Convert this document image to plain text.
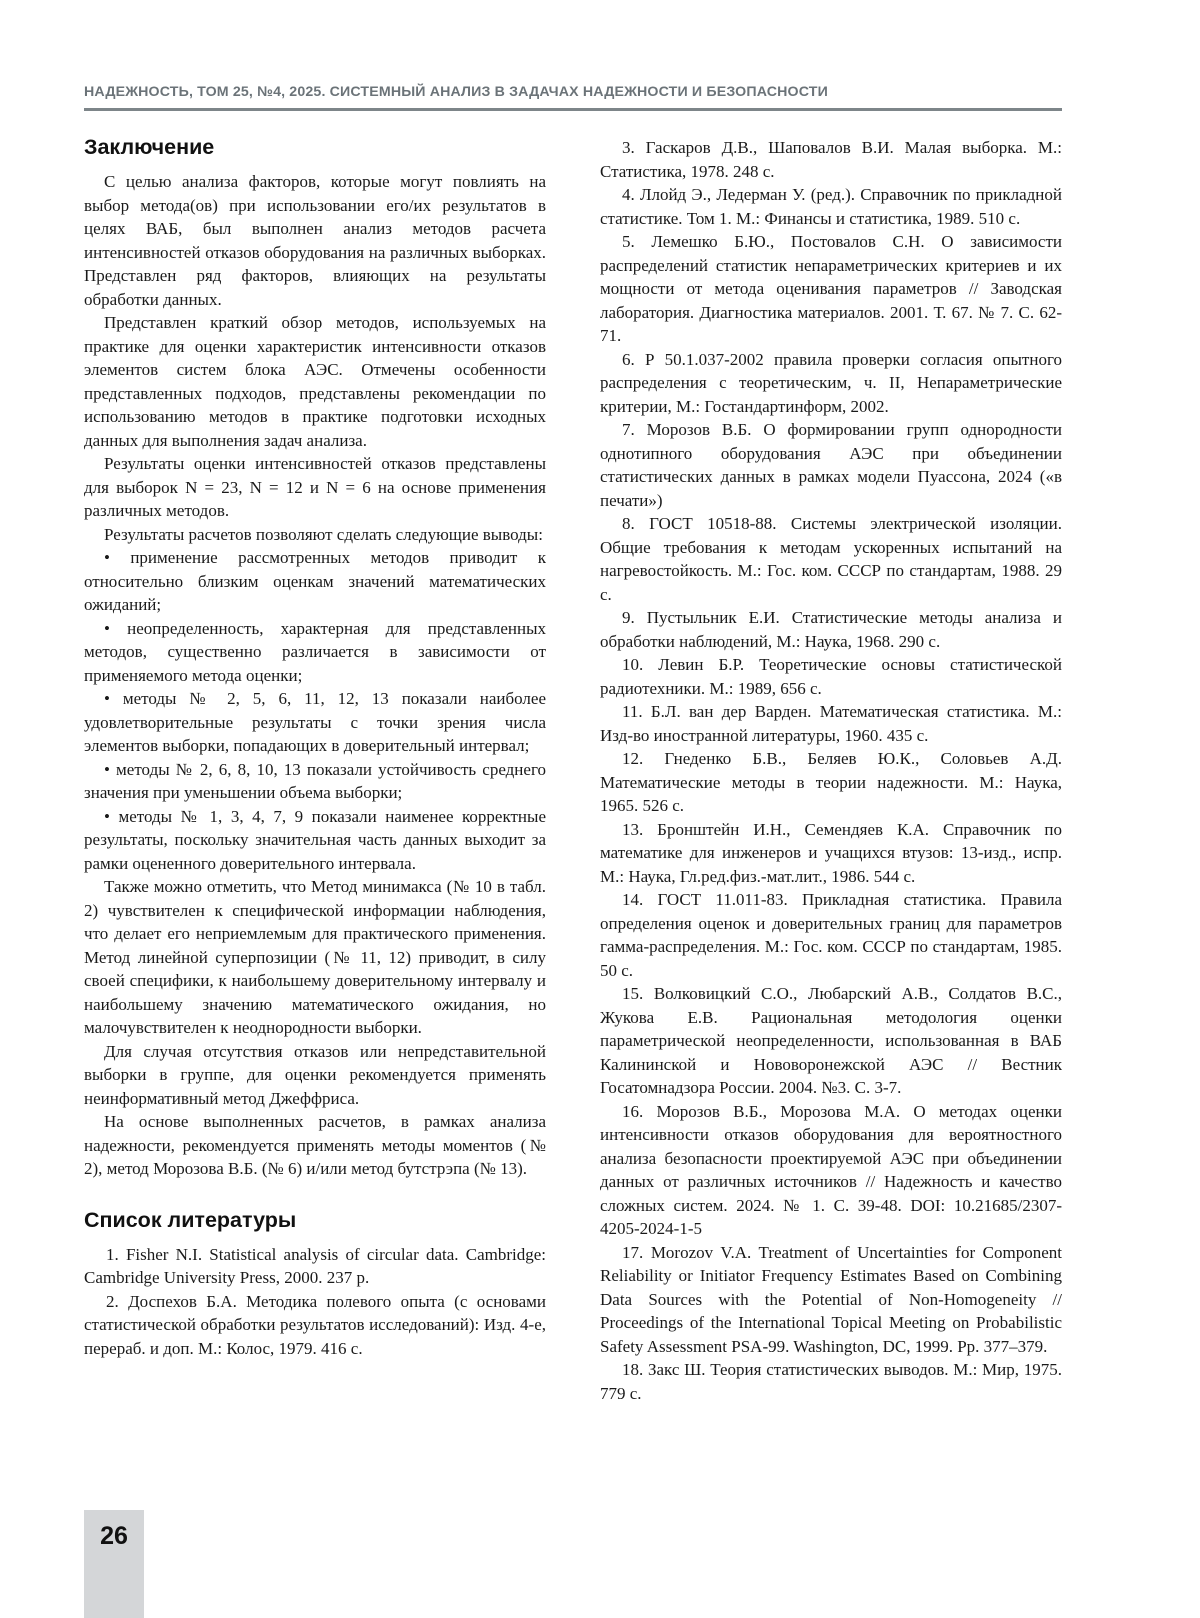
НАДЕЖНОСТЬ, ТОМ 25, №4, 2025. СИСТЕМНЫЙ АНАЛИЗ В ЗАДАЧАХ НАДЕЖНОСТИ И БЕЗОПАСНОСТИ
Заключение

С целью анализа факторов, которые могут повлиять на выбор метода(ов) при использовании его/их результатов в целях ВАБ, был выполнен анализ методов расчета интенсивностей отказов оборудования на различных выборках. Представлен ряд факторов, влияющих на результаты обработки данных.

Представлен краткий обзор методов, используемых на практике для оценки характеристик интенсивности отказов элементов систем блока АЭС. Отмечены особенности представленных подходов, представлены рекомендации по использованию методов в практике подготовки исходных данных для выполнения задач анализа.

Результаты оценки интенсивностей отказов представлены для выборок N = 23, N = 12 и N = 6 на основе применения различных методов.

Результаты расчетов позволяют сделать следующие выводы:

• применение рассмотренных методов приводит к относительно близким оценкам значений математических ожиданий;

• неопределенность, характерная для представленных методов, существенно различается в зависимости от применяемого метода оценки;

• методы № 2, 5, 6, 11, 12, 13 показали наиболее удовлетворительные результаты с точки зрения числа элементов выборки, попадающих в доверительный интервал;

• методы № 2, 6, 8, 10, 13 показали устойчивость среднего значения при уменьшении объема выборки;

• методы № 1, 3, 4, 7, 9 показали наименее корректные результаты, поскольку значительная часть данных выходит за рамки оцененного доверительного интервала.

Также можно отметить, что Метод минимакса (№ 10 в табл. 2) чувствителен к специфической информации наблюдения, что делает его неприемлемым для практического применения. Метод линейной суперпозиции (№ 11, 12) приводит, в силу своей специфики, к наибольшему доверительному интервалу и наибольшему значению математического ожидания, но малочувствителен к неоднородности выборки.

Для случая отсутствия отказов или непредставительной выборки в группе, для оценки рекомендуется применять неинформативный метод Джеффриса.

На основе выполненных расчетов, в рамках анализа надежности, рекомендуется применять методы моментов (№ 2), метод Морозова В.Б. (№ 6) и/или метод бутстрэпа (№ 13).

Список литературы

1. Fisher N.I. Statistical analysis of circular data. Cambridge: Cambridge University Press, 2000. 237 p.

2. Доспехов Б.А. Методика полевого опыта (с основами статистической обработки результатов исследований): Изд. 4-е, перераб. и доп. М.: Колос, 1979. 416 с.

3. Гаскаров Д.В., Шаповалов В.И. Малая выборка. М.: Статистика, 1978. 248 с.

4. Ллойд Э., Ледерман У. (ред.). Справочник по прикладной статистике. Том 1. М.: Финансы и статистика, 1989. 510 с.

5. Лемешко Б.Ю., Постовалов С.Н. О зависимости распределений статистик непараметрических критериев и их мощности от метода оценивания параметров // Заводская лаборатория. Диагностика материалов. 2001. Т. 67. № 7. С. 62-71.

6. Р 50.1.037-2002 правила проверки согласия опытного распределения с теоретическим, ч. II, Непараметрические критерии, М.: Гостандартинформ, 2002.

7. Морозов В.Б. О формировании групп однородности однотипного оборудования АЭС при объединении статистических данных в рамках модели Пуассона, 2024 («в печати»)

8. ГОСТ 10518-88. Системы электрической изоляции. Общие требования к методам ускоренных испытаний на нагревостойкость. М.: Гос. ком. СССР по стандартам, 1988. 29 с.

9. Пустыльник Е.И. Статистические методы анализа и обработки наблюдений, М.: Наука, 1968. 290 с.

10. Левин Б.Р. Теоретические основы статистической радиотехники. М.: 1989, 656 с.

11. Б.Л. ван дер Варден. Математическая статистика. М.: Изд-во иностранной литературы, 1960. 435 с.

12. Гнеденко Б.В., Беляев Ю.К., Соловьев А.Д. Математические методы в теории надежности. М.: Наука, 1965. 526 с.

13. Бронштейн И.Н., Семендяев К.А. Справочник по математике для инженеров и учащихся втузов: 13-изд., испр. М.: Наука, Гл.ред.физ.-мат.лит., 1986. 544 с.

14. ГОСТ 11.011-83. Прикладная статистика. Правила определения оценок и доверительных границ для параметров гамма-распределения. М.: Гос. ком. СССР по стандартам, 1985. 50 с.

15. Волковицкий С.О., Любарский А.В., Солдатов В.С., Жукова Е.В. Рациональная методология оценки параметрической неопределенности, использованная в ВАБ Калининской и Нововоронежской АЭС // Вестник Госатомнадзора России. 2004. №3. С. 3-7.

16. Морозов В.Б., Морозова М.А. О методах оценки интенсивности отказов оборудования для вероятностного анализа безопасности проектируемой АЭС при объединении данных от различных источников // Надежность и качество сложных систем. 2024. № 1. С. 39-48. DOI: 10.21685/2307-4205-2024-1-5

17. Morozov V.A. Treatment of Uncertainties for Component Reliability or Initiator Frequency Estimates Based on Combining Data Sources with the Potential of Non-Homogeneity // Proceedings of the International Topical Meeting on Probabilistic Safety Assessment PSA-99. Washington, DC, 1999. Pp. 377–379.

18. Закс Ш. Теория статистических выводов. М.: Мир, 1975. 779 с.

26
